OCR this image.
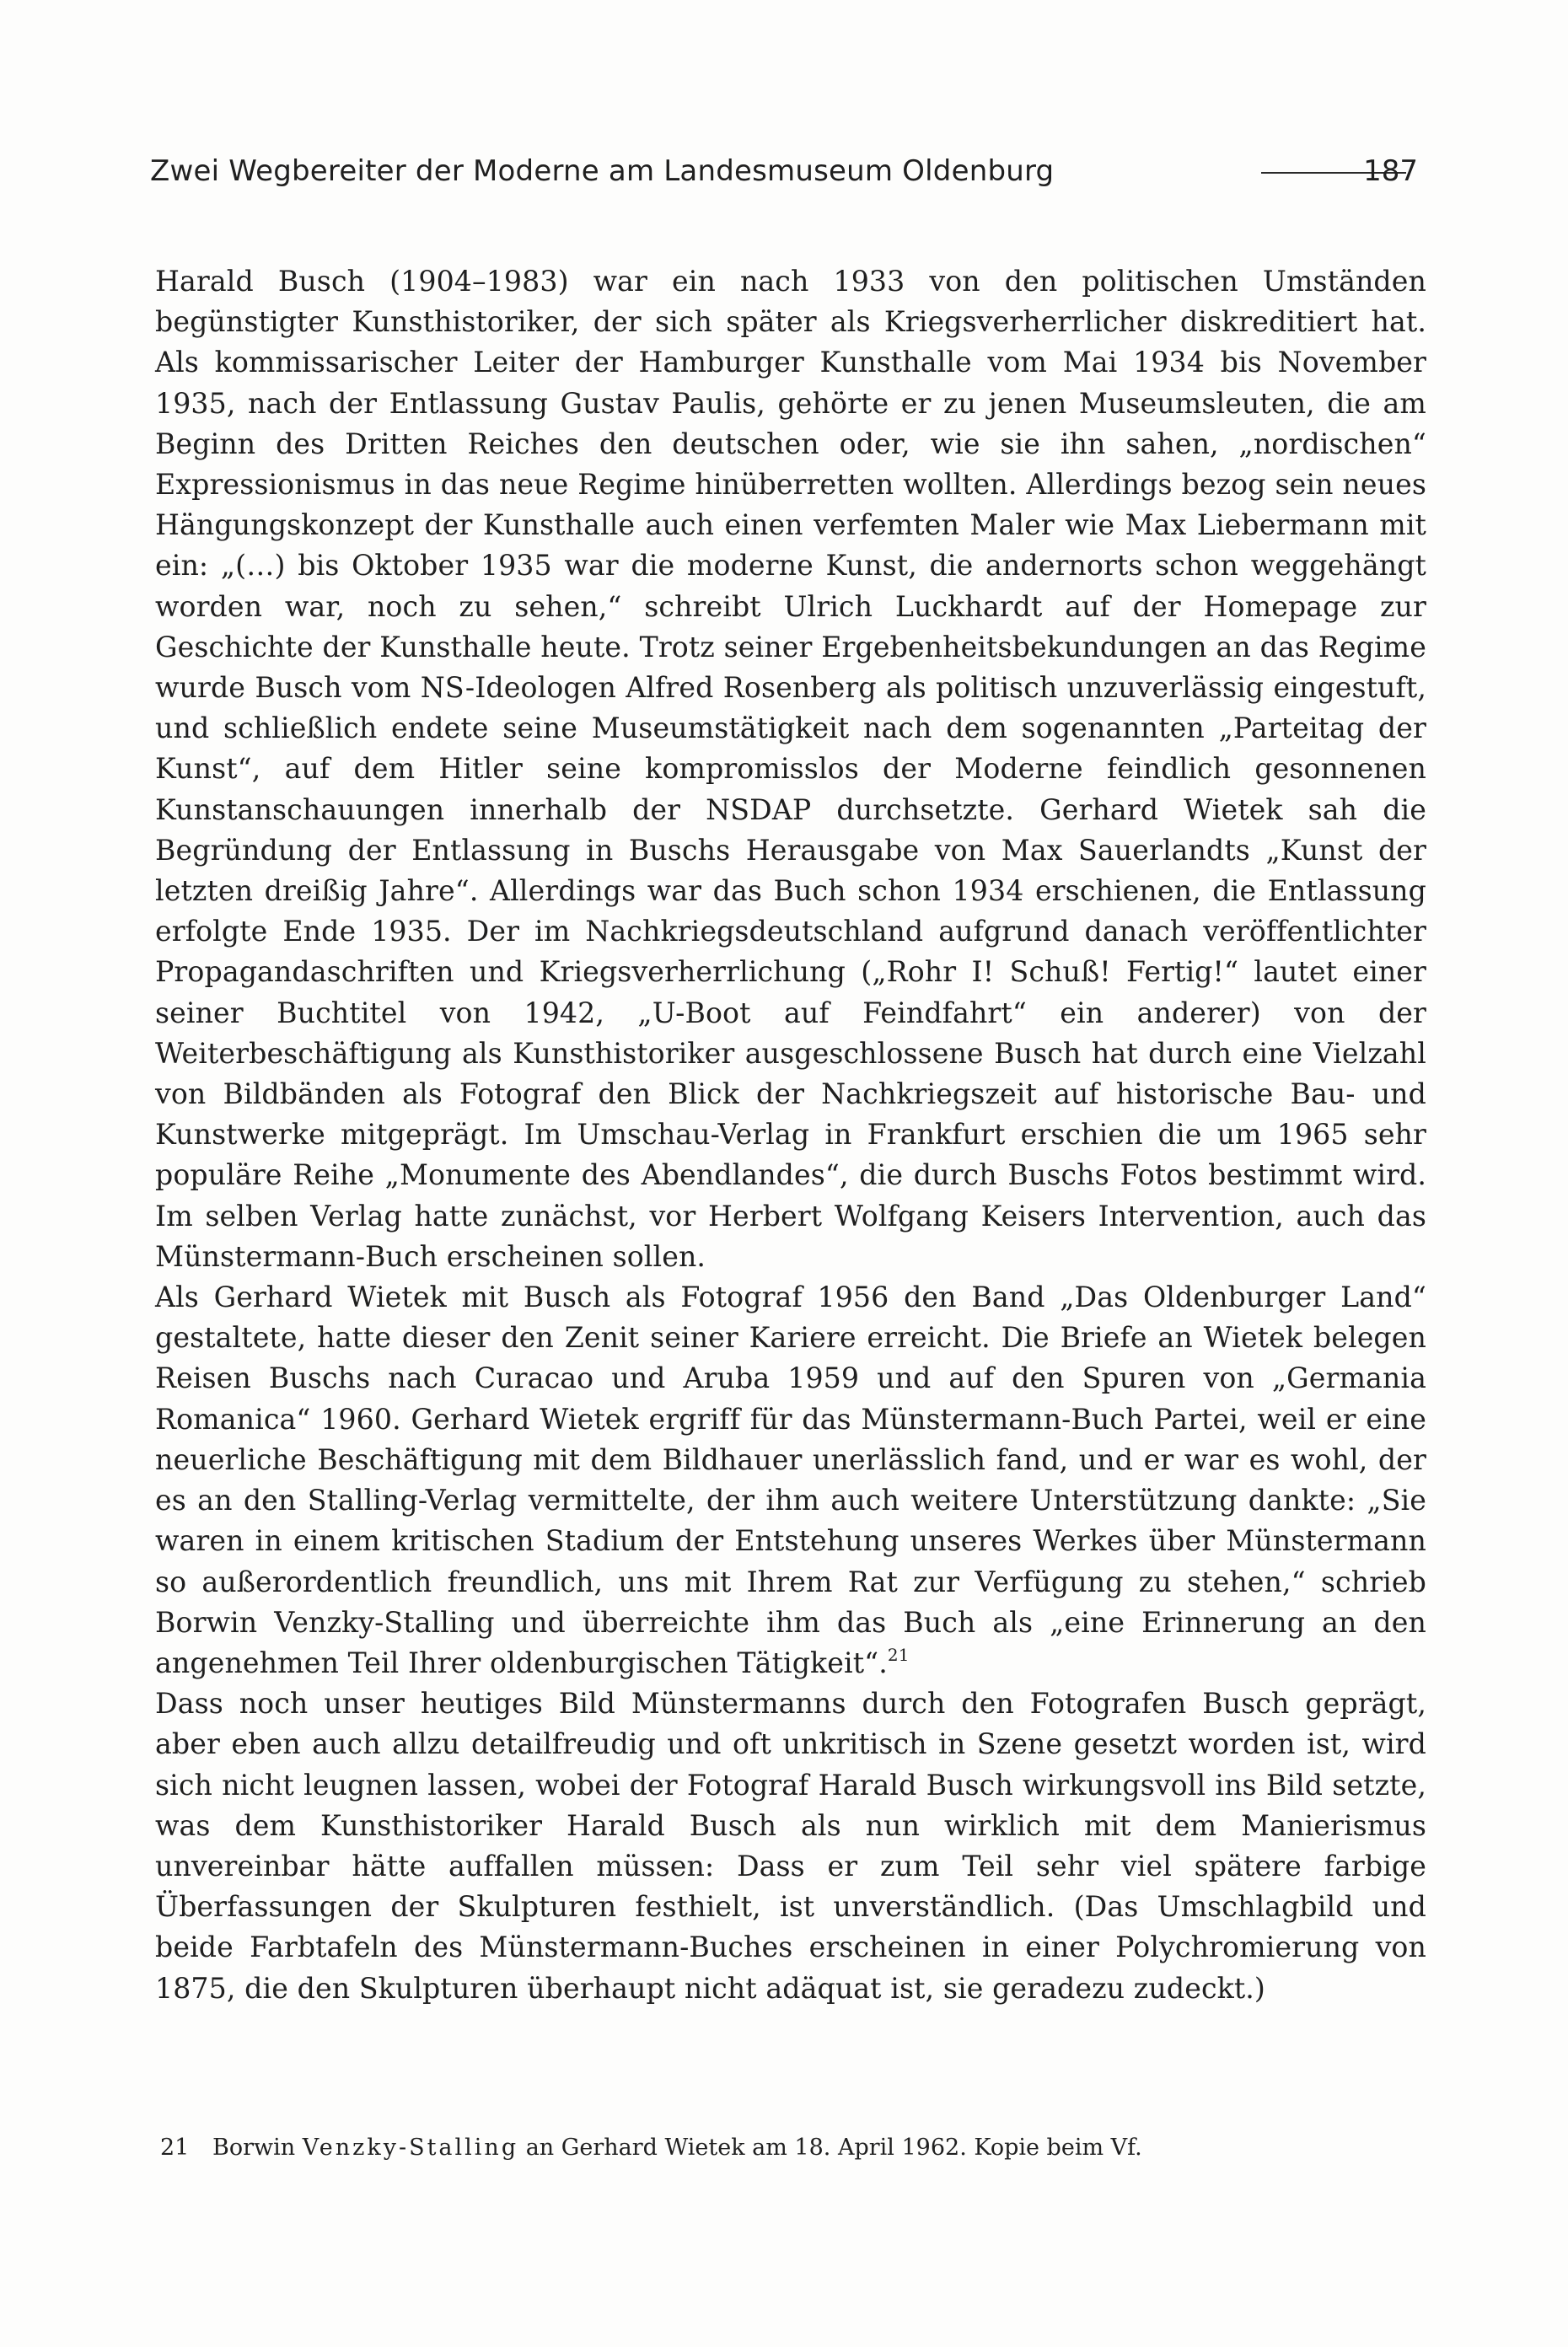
Zwei Wegbereiter der Moderne am Landesmuseum Oldenburg	187

Harald Busch (1904–1983) war ein nach 1933 von den politischen Umständen begünstigter Kunsthistoriker, der sich später als Kriegsverherrlicher diskreditiert hat. Als kommissarischer Leiter der Hamburger Kunsthalle vom Mai 1934 bis November 1935, nach der Entlassung Gustav Paulis, gehörte er zu jenen Museumsleuten, die am Beginn des Dritten Reiches den deutschen oder, wie sie ihn sahen, „nordischen“ Expressionismus in das neue Regime hinüberretten wollten. Allerdings bezog sein neues Hängungskonzept der Kunsthalle auch einen verfemten Maler wie Max Liebermann mit ein: „(…) bis Oktober 1935 war die moderne Kunst, die andernorts schon weggehängt worden war, noch zu sehen,“ schreibt Ulrich Luckhardt auf der Homepage zur Geschichte der Kunsthalle heute. Trotz seiner Ergebenheitsbekundungen an das Regime wurde Busch vom NS-Ideologen Alfred Rosenberg als politisch unzuverlässig eingestuft, und schließlich endete seine Museumstätigkeit nach dem sogenannten „Parteitag der Kunst“, auf dem Hitler seine kompromisslos der Moderne feindlich gesonnenen Kunstanschauungen innerhalb der NSDAP durchsetzte. Gerhard Wietek sah die Begründung der Entlassung in Buschs Herausgabe von Max Sauerlandts „Kunst der letzten dreißig Jahre“. Allerdings war das Buch schon 1934 erschienen, die Entlassung erfolgte Ende 1935. Der im Nachkriegsdeutschland aufgrund danach veröffentlichter Propagandaschriften und Kriegsverherrlichung („Rohr I! Schuß! Fertig!“ lautet einer seiner Buchtitel von 1942, „U-Boot auf Feindfahrt“ ein anderer) von der Weiterbeschäftigung als Kunsthistoriker ausgeschlossene Busch hat durch eine Vielzahl von Bildbänden als Fotograf den Blick der Nachkriegszeit auf historische Bau- und Kunstwerke mitgeprägt. Im Umschau-Verlag in Frankfurt erschien die um 1965 sehr populäre Reihe „Monumente des Abendlandes“, die durch Buschs Fotos bestimmt wird. Im selben Verlag hatte zunächst, vor Herbert Wolfgang Keisers Intervention, auch das Münstermann-Buch erscheinen sollen.

Als Gerhard Wietek mit Busch als Fotograf 1956 den Band „Das Oldenburger Land“ gestaltete, hatte dieser den Zenit seiner Kariere erreicht. Die Briefe an Wietek belegen Reisen Buschs nach Curacao und Aruba 1959 und auf den Spuren von „Germania Romanica“ 1960. Gerhard Wietek ergriff für das Münstermann-Buch Partei, weil er eine neuerliche Beschäftigung mit dem Bildhauer unerlässlich fand, und er war es wohl, der es an den Stalling-Verlag vermittelte, der ihm auch weitere Unterstützung dankte: „Sie waren in einem kritischen Stadium der Entstehung unseres Werkes über Münstermann so außerordentlich freundlich, uns mit Ihrem Rat zur Verfügung zu stehen,“ schrieb Borwin Venzky-Stalling und überreichte ihm das Buch als „eine Erinnerung an den angenehmen Teil Ihrer oldenburgischen Tätigkeit“.$^{21}$

Dass noch unser heutiges Bild Münstermanns durch den Fotografen Busch geprägt, aber eben auch allzu detailfreudig und oft unkritisch in Szene gesetzt worden ist, wird sich nicht leugnen lassen, wobei der Fotograf Harald Busch wirkungsvoll ins Bild setzte, was dem Kunsthistoriker Harald Busch als nun wirklich mit dem Manierismus unvereinbar hätte auffallen müssen: Dass er zum Teil sehr viel spätere farbige Überfassungen der Skulpturen festhielt, ist unverständlich. (Das Umschlagbild und beide Farbtafeln des Münstermann-Buches erscheinen in einer Polychromierung von 1875, die den Skulpturen überhaupt nicht adäquat ist, sie geradezu zudeckt.)

21 Borwin Venzky-Stalling an Gerhard Wietek am 18. April 1962. Kopie beim Vf.
